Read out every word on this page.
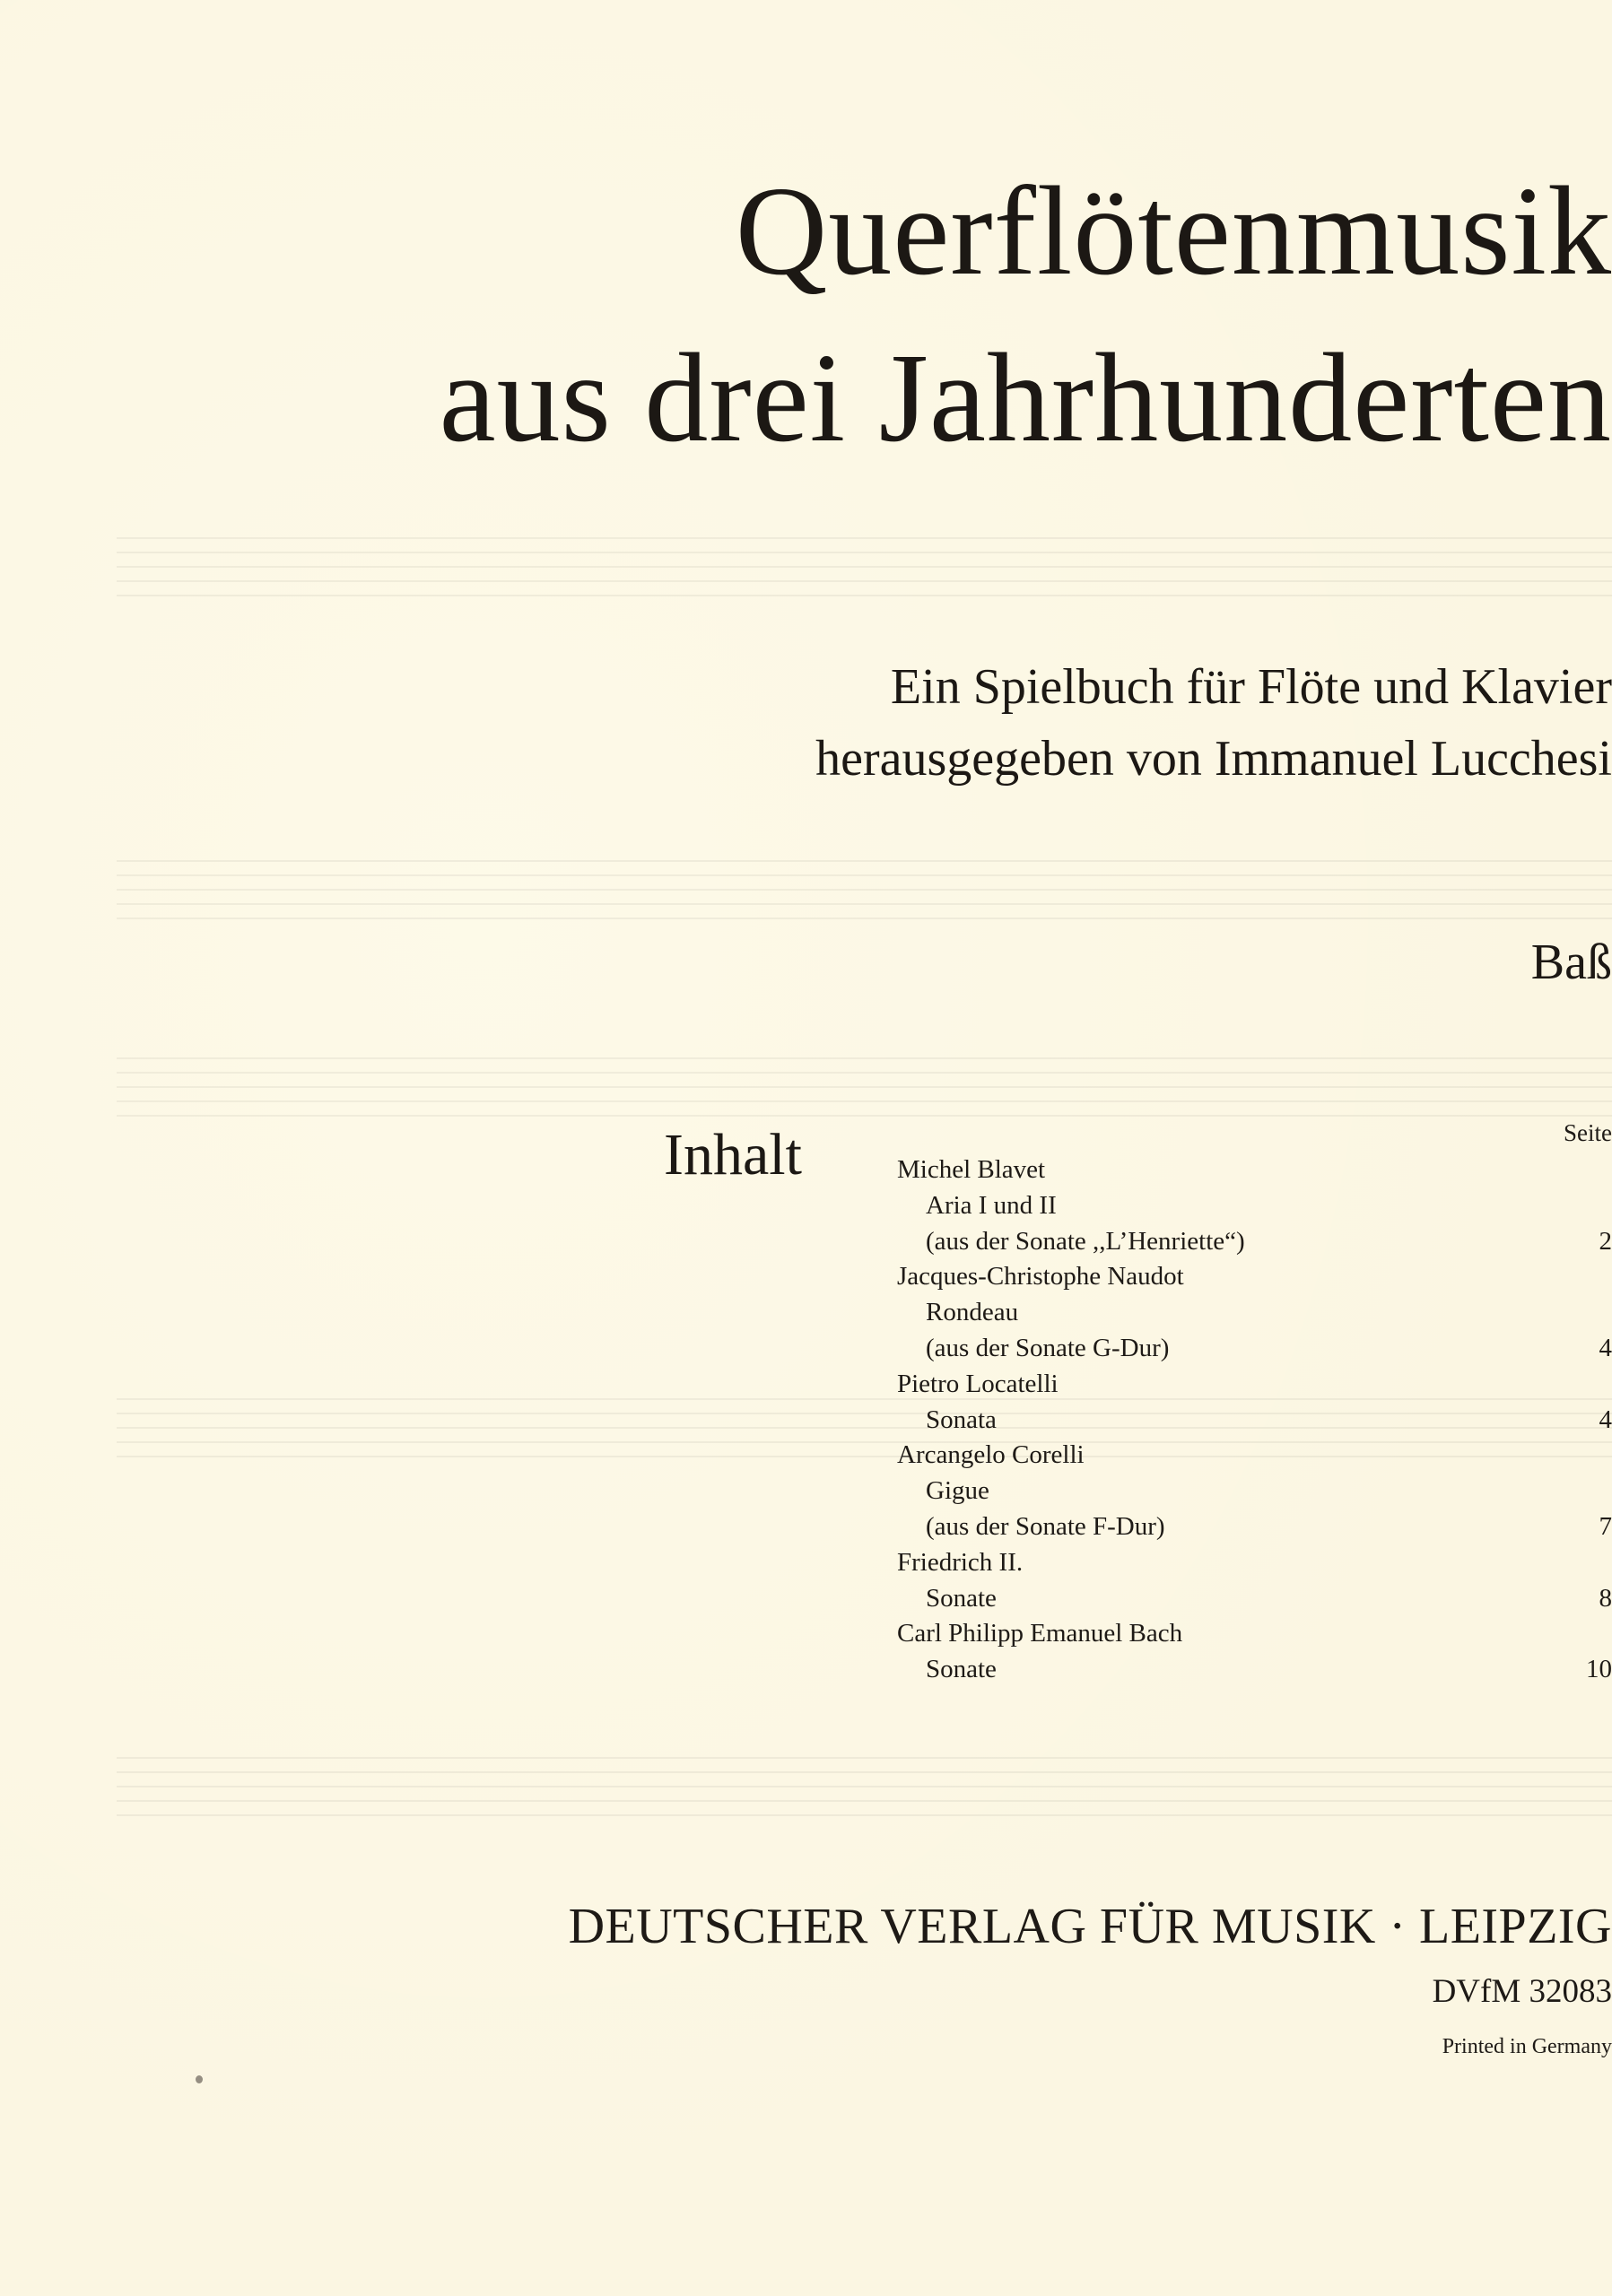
Querflötenmusik
aus drei Jahrhunderten
Ein Spielbuch für Flöte und Klavier
herausgegeben von Immanuel Lucchesi
Baß
Inhalt	Seite
Michel Blavet
Aria I und II
(aus der Sonate ,,L’Henriette“)	2
Jacques-Christophe Naudot
Rondeau
(aus der Sonate G-Dur)	4
Pietro Locatelli
Sonata	4
Arcangelo Corelli
Gigue
(aus der Sonate F-Dur)	7
Friedrich II.
Sonate	8
Carl Philipp Emanuel Bach
Sonate	10
DEUTSCHER VERLAG FÜR MUSIK · LEIPZIG
DVfM 32083
Printed in Germany
